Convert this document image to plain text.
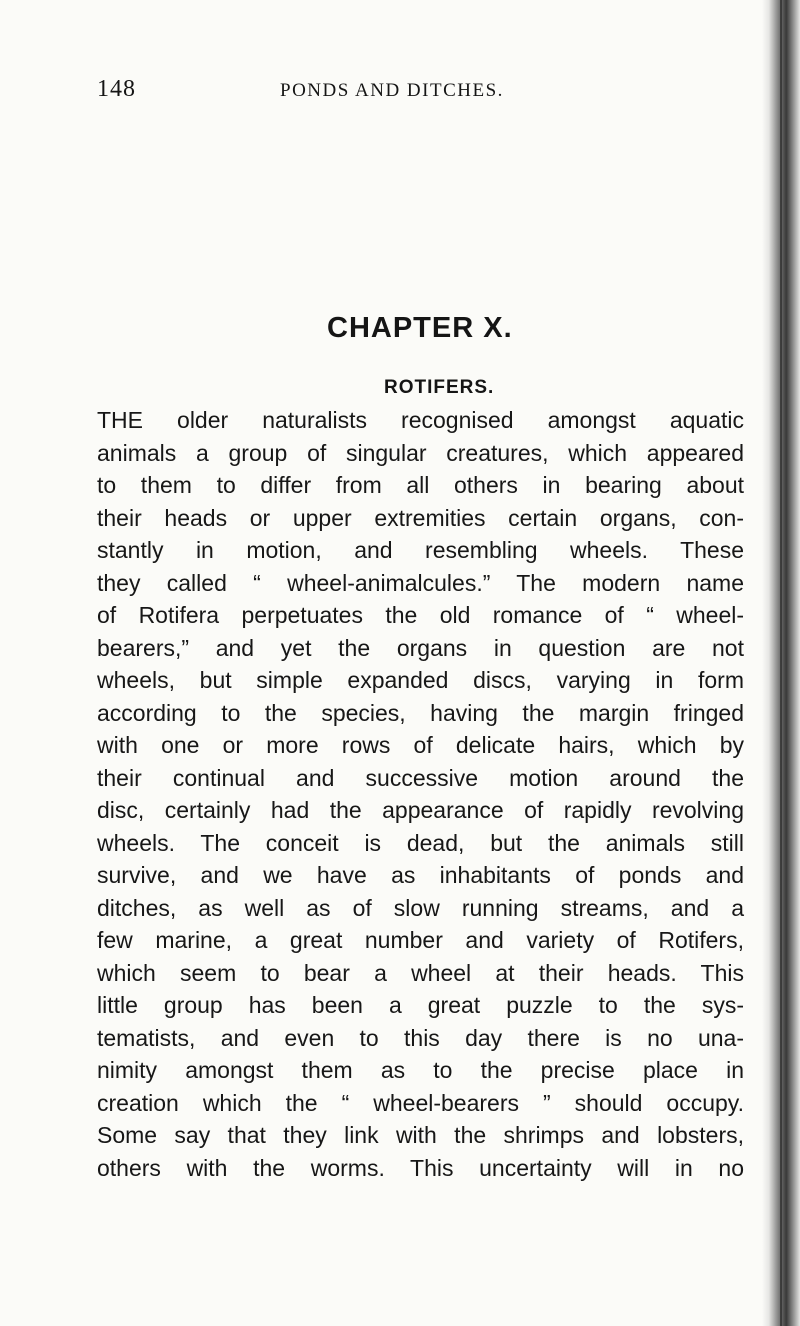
148	PONDS AND DITCHES.
CHAPTER X.
ROTIFERS.
THE older naturalists recognised amongst aquatic
animals a group of singular creatures, which appeared
to them to differ from all others in bearing about
their heads or upper extremities certain organs, con-
stantly in motion, and resembling wheels. These
they called “ wheel-animalcules.” The modern name
of Rotifera perpetuates the old romance of “ wheel-
bearers,” and yet the organs in question are not
wheels, but simple expanded discs, varying in form
according to the species, having the margin fringed
with one or more rows of delicate hairs, which by
their continual and successive motion around the
disc, certainly had the appearance of rapidly revolving
wheels. The conceit is dead, but the animals still
survive, and we have as inhabitants of ponds and
ditches, as well as of slow running streams, and a
few marine, a great number and variety of Rotifers,
which seem to bear a wheel at their heads. This
little group has been a great puzzle to the sys-
tematists, and even to this day there is no una-
nimity amongst them as to the precise place in
creation which the “ wheel-bearers ” should occupy.
Some say that they link with the shrimps and lobsters,
others with the worms. This uncertainty will in no
